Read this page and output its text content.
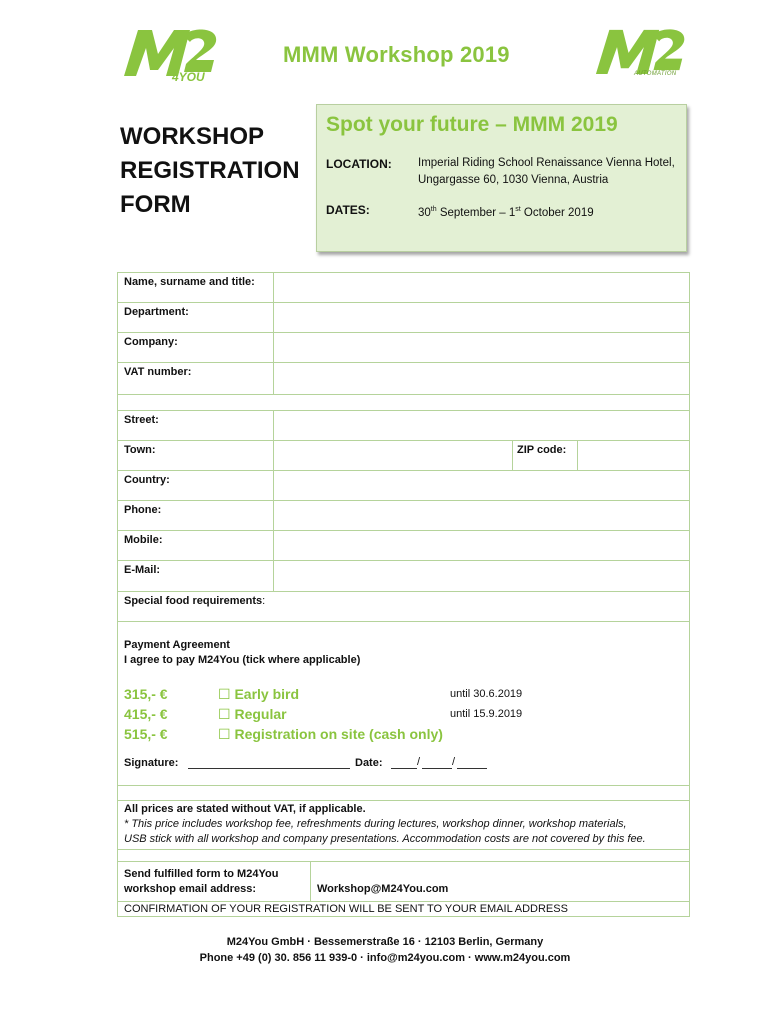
4YOU
MMM Workshop 2019
AUTOMATION
WORKSHOP
REGISTRATION
FORM
Spot your future – MMM 2019
LOCATION: Imperial Riding School Renaissance Vienna Hotel,
Ungargasse 60, 1030 Vienna, Austria
DATES:	30th September – 1st October 2019
Name, surname and title:
Department:
Company:
VAT number:
Street:
Town:	ZIP code:
Country:
Phone:
Mobile:
E-Mail:
Special food requirements:
Payment Agreement
I agree to pay M24You (tick where applicable)
315,- €	☐ Early bird	until 30.6.2019
415,- €	☐ Regular	until 15.9.2019
515,- €	☐ Registration on site (cash only)
Signature:	Date:	/	/
All prices are stated without VAT, if applicable.
* This price includes workshop fee, refreshments during lectures, workshop dinner, workshop materials,
USB stick with all workshop and company presentations. Accommodation costs are not covered by this fee.
Send fulfilled form to M24You
workshop email address:	Workshop@M24You.com
CONFIRMATION OF YOUR REGISTRATION WILL BE SENT TO YOUR EMAIL ADDRESS
M24You GmbH · Bessemerstraße 16 · 12103 Berlin, Germany
Phone +49 (0) 30. 856 11 939-0 · info@m24you.com · www.m24you.com
